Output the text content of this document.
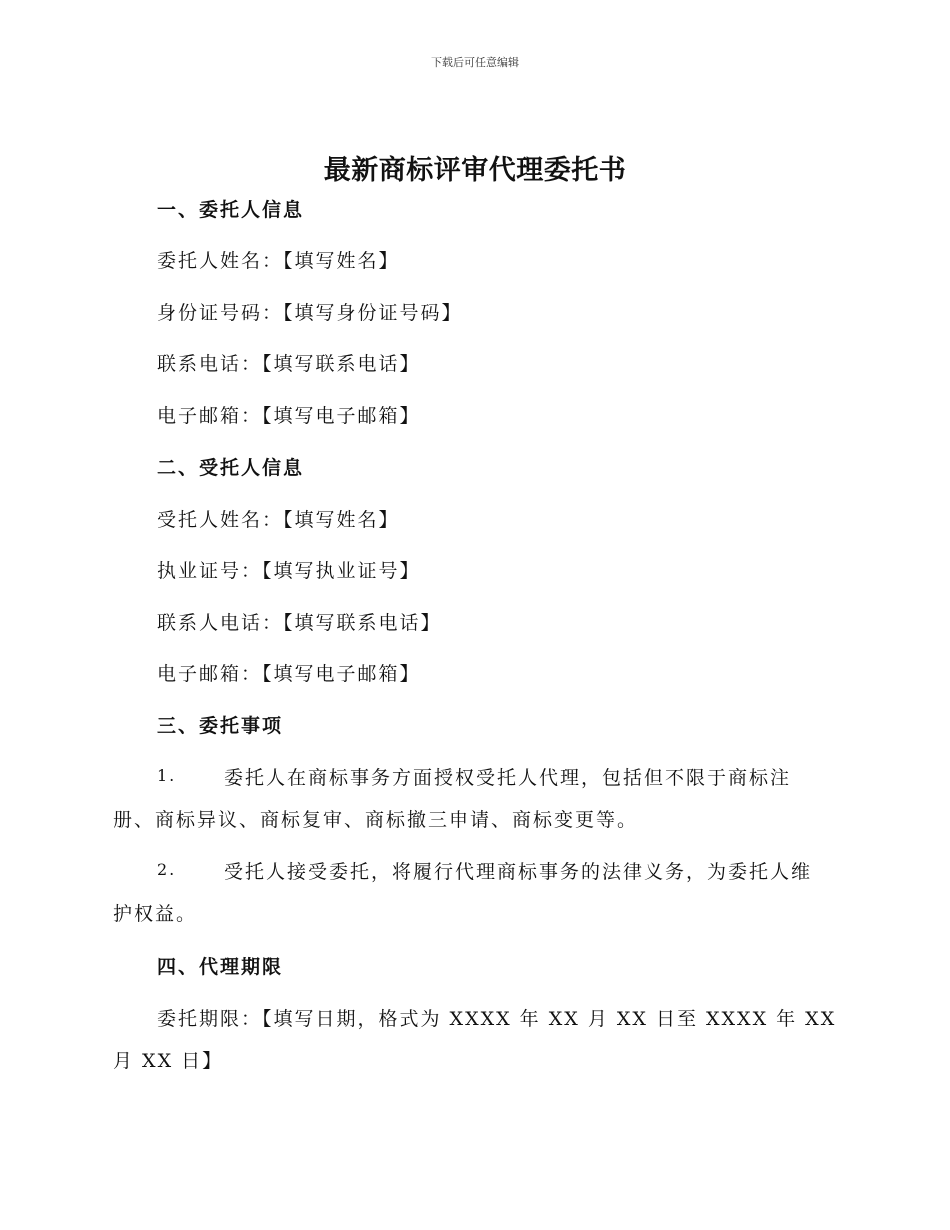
下载后可任意编辑
最新商标评审代理委托书
一、委托人信息
委托人姓名：【填写姓名】
身份证号码：【填写身份证号码】
联系电话：【填写联系电话】
电子邮箱：【填写电子邮箱】
二、受托人信息
受托人姓名：【填写姓名】
执业证号：【填写执业证号】
联系人电话：【填写联系电话】
电子邮箱：【填写电子邮箱】
三、委托事项
1.	委托人在商标事务方面授权受托人代理，包括但不限于商标注
册、商标异议、商标复审、商标撤三申请、商标变更等。
2.	受托人接受委托，将履行代理商标事务的法律义务，为委托人维
护权益。
四、代理期限
委托期限：【填写日期，格式为 XXXX 年 XX 月 XX 日至 XXXX 年 XX
月 XX 日】
